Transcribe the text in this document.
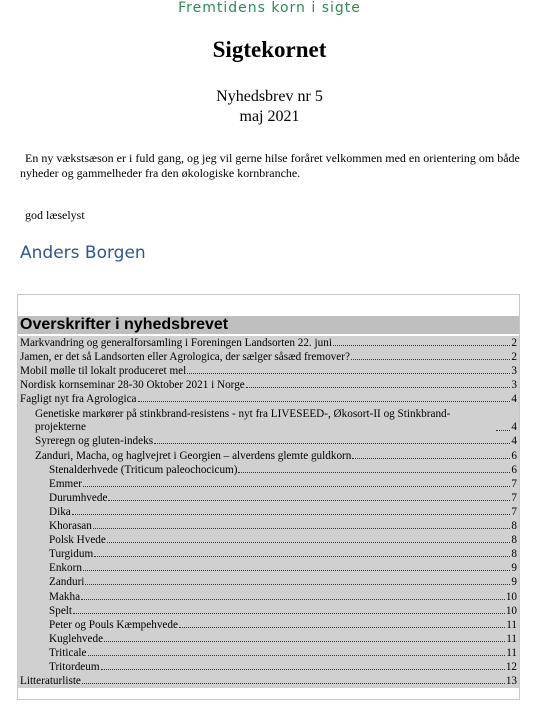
Fremtidens korn i sigte
Sigtekornet
Nyhedsbrev nr 5
maj 2021
En ny vækstsæson er i fuld gang, og jeg vil gerne hilse foråret velkommen med en orientering om både nyheder og gammelheder fra den økologiske kornbranche.
god læselyst
Anders Borgen
Overskrifter i nyhedsbrevet
Markvandring og generalforsamling i Foreningen Landsorten 22. juni	2
Jamen, er det så Landsorten eller Agrologica, der sælger såsæd fremover?	2
Mobil mølle til lokalt produceret mel	3
Nordisk kornseminar 28-30 Oktober 2021 i Norge	3
Fagligt nyt fra Agrologica	4
Genetiske markører på stinkbrand-resistens - nyt fra LIVESEED-, Økosort-II og Stinkbrand-projekterne	4
Syreregn og gluten-indeks	4
Zanduri, Macha, og haglvejret i Georgien – alverdens glemte guldkorn	6
Stenalderhvede (Triticum paleochocicum)	6
Emmer	7
Durumhvede	7
Dika	7
Khorasan	8
Polsk Hvede	8
Turgidum	8
Enkorn	9
Zanduri	9
Makha	10
Spelt	10
Peter og Pouls Kæmpehvede	11
Kuglehvede	11
Triticale	11
Tritordeum	12
Litteraturliste	13
